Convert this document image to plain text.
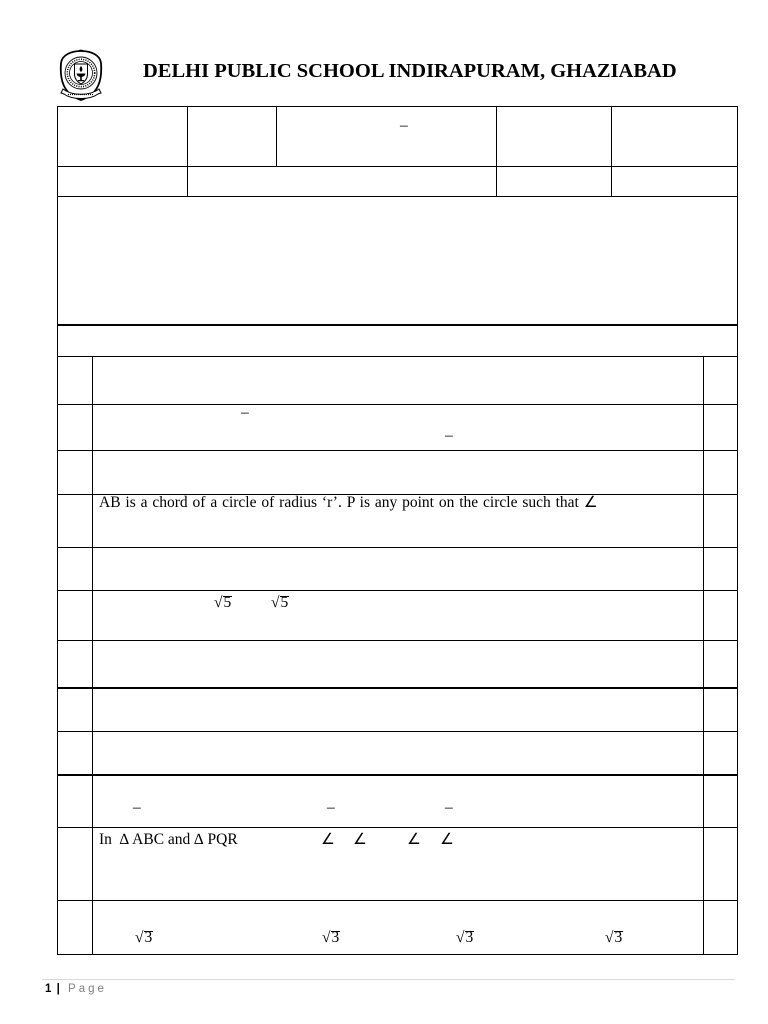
DELHI PUBLIC SCHOOL INDIRAPURAM, GHAZIABAD
–
–
–
AB is a chord of a circle of radius ‘r’. P is any point on the circle such that ∠
√5	√5
–	–	–
In  ∆ ABC and ∆ PQR	∠ ∠	∠ ∠
√3	√3	√3	√3
1 | Page
